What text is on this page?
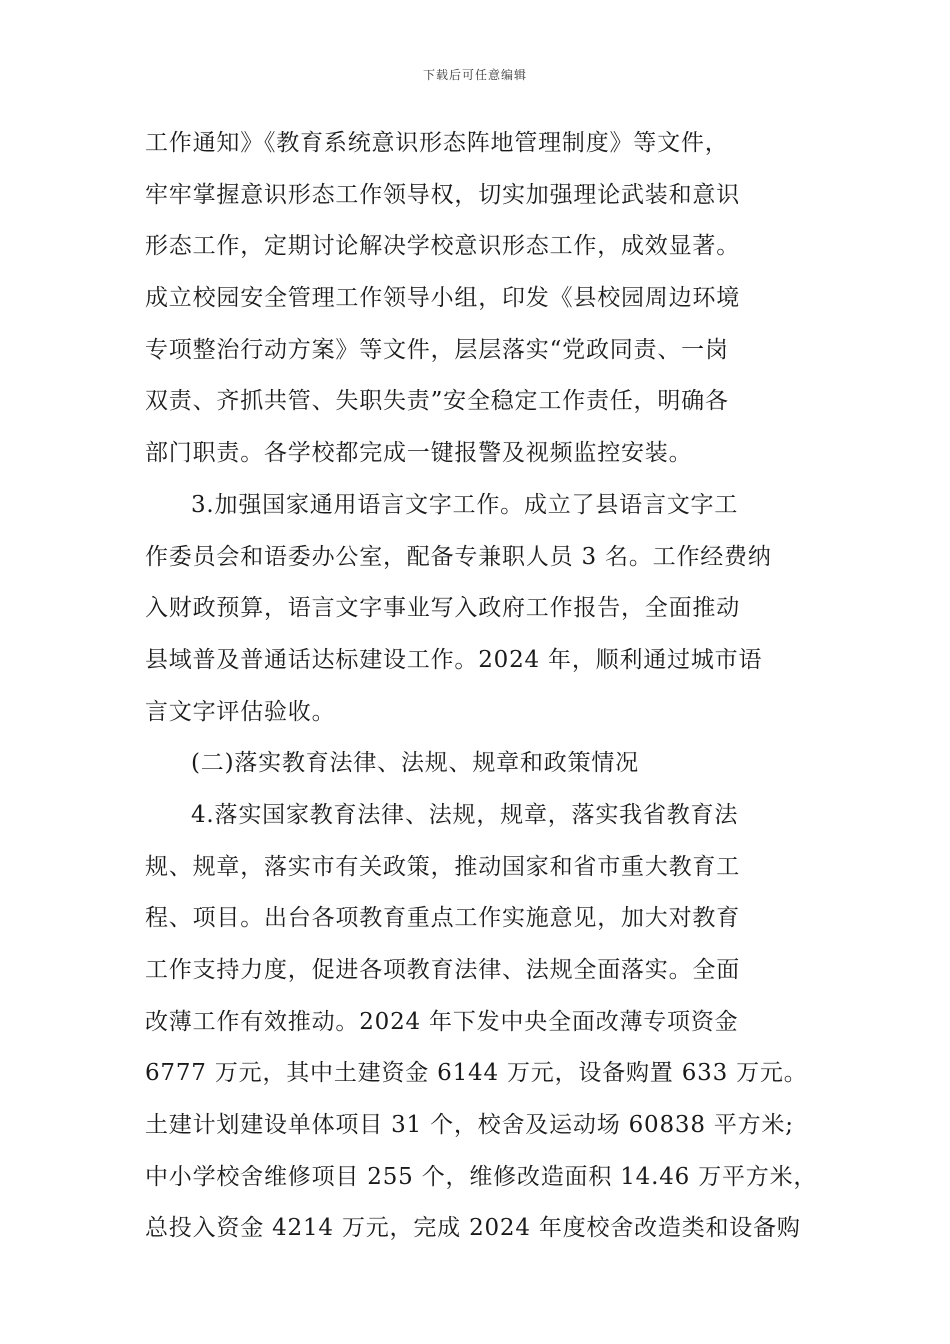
下载后可任意编辑
工作通知》《教育系统意识形态阵地管理制度》等文件，
牢牢掌握意识形态工作领导权，切实加强理论武装和意识
形态工作，定期讨论解决学校意识形态工作，成效显著。
成立校园安全管理工作领导小组，印发《县校园周边环境
专项整治行动方案》等文件，层层落实“党政同责、一岗
双责、齐抓共管、失职失责”安全稳定工作责任，明确各
部门职责。各学校都完成一键报警及视频监控安装。
3.加强国家通用语言文字工作。成立了县语言文字工
作委员会和语委办公室，配备专兼职人员 3 名。工作经费纳
入财政预算，语言文字事业写入政府工作报告，全面推动
县域普及普通话达标建设工作。2024 年，顺利通过城市语
言文字评估验收。
(二)落实教育法律、法规、规章和政策情况
4.落实国家教育法律、法规，规章，落实我省教育法
规、规章，落实市有关政策，推动国家和省市重大教育工
程、项目。出台各项教育重点工作实施意见，加大对教育
工作支持力度，促进各项教育法律、法规全面落实。全面
改薄工作有效推动。2024 年下发中央全面改薄专项资金
6777 万元，其中土建资金 6144 万元，设备购置 633 万元。
土建计划建设单体项目 31 个，校舍及运动场 60838 平方米;
中小学校舍维修项目 255 个，维修改造面积 14.46 万平方米，
总投入资金 4214 万元，完成 2024 年度校舍改造类和设备购
